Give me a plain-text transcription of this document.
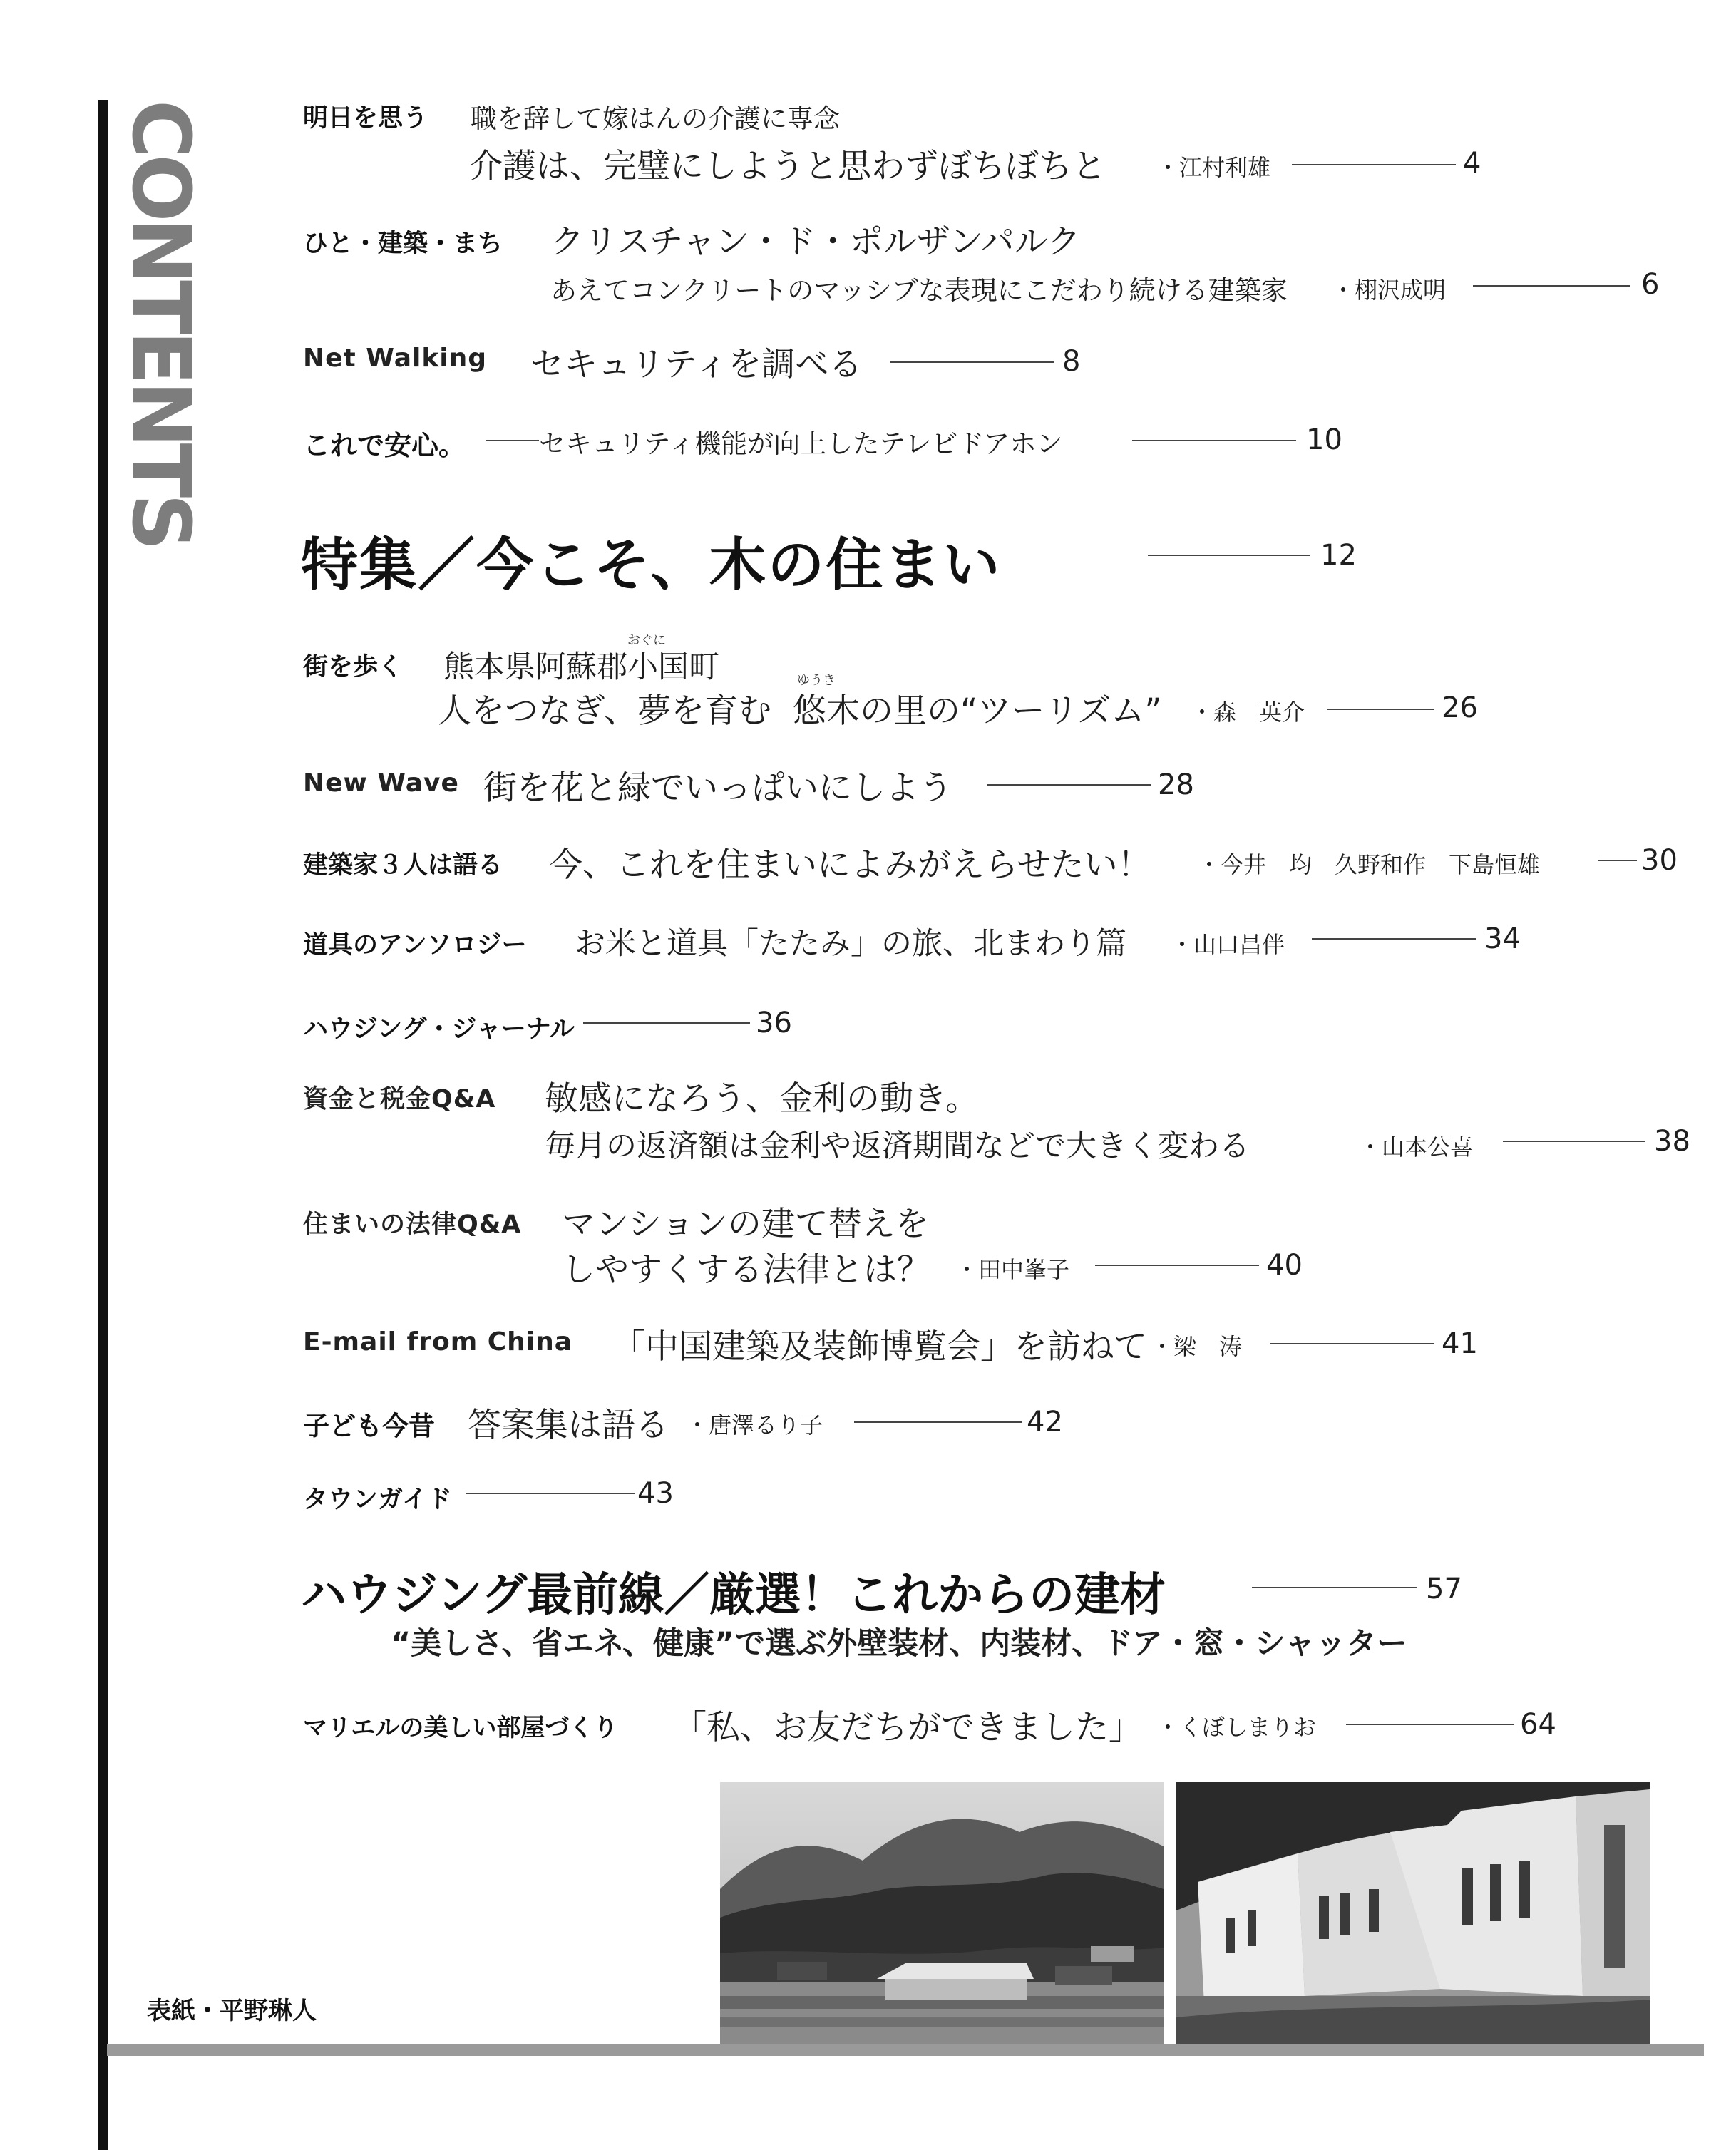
CONTENTS	明日を思う 職を辞して嫁はんの介護に専念
介護は、完璧にしようと思わずぼちぼちと ・江村利雄	4
ひと・建築・まち クリスチャン・ド・ポルザンパルク
あえてコンクリートのマッシブな表現にこだわり続ける建築家 ・栩沢成明	6
Net Walking セキュリティを調べる	8
これで安心。	セキュリティ機能が向上したテレビドアホン	10
特集／今こそ、木の住まい	12
街を歩く
おぐに
熊本県阿蘇郡小国町
人をつなぎ、夢を育む
ゆうき
悠木の里の“ツーリズム” ・森　英介	26
New Wave 街を花と緑でいっぱいにしよう	28
建築家３人は語る 今、これを住まいによみがえらせたい！ ・今井　均　久野和作　下島恒雄	30
道具のアンソロジー お米と道具「たたみ」の旅、北まわり篇 ・山口昌伴	34
ハウジング・ジャーナル	36
資金と税金Q&A 敏感になろう、金利の動き。
毎月の返済額は金利や返済期間などで大きく変わる	・山本公喜	38
住まいの法律Q&A マンションの建て替えを
しやすくする法律とは？ ・田中峯子	40
E-mail from China 「中国建築及装飾博覧会」を訪ねて ・梁　涛	41
子ども今昔 答案集は語る ・唐澤るり子	42
タウンガイド	43
ハウジング最前線／厳選！これからの建材	57
“美しさ、省エネ、健康”で選ぶ外壁装材、内装材、ドア・窓・シャッター
マリエルの美しい部屋づくり 「私、お友だちができました」 ・くぼしまりお	64
表紙・平野琳人
